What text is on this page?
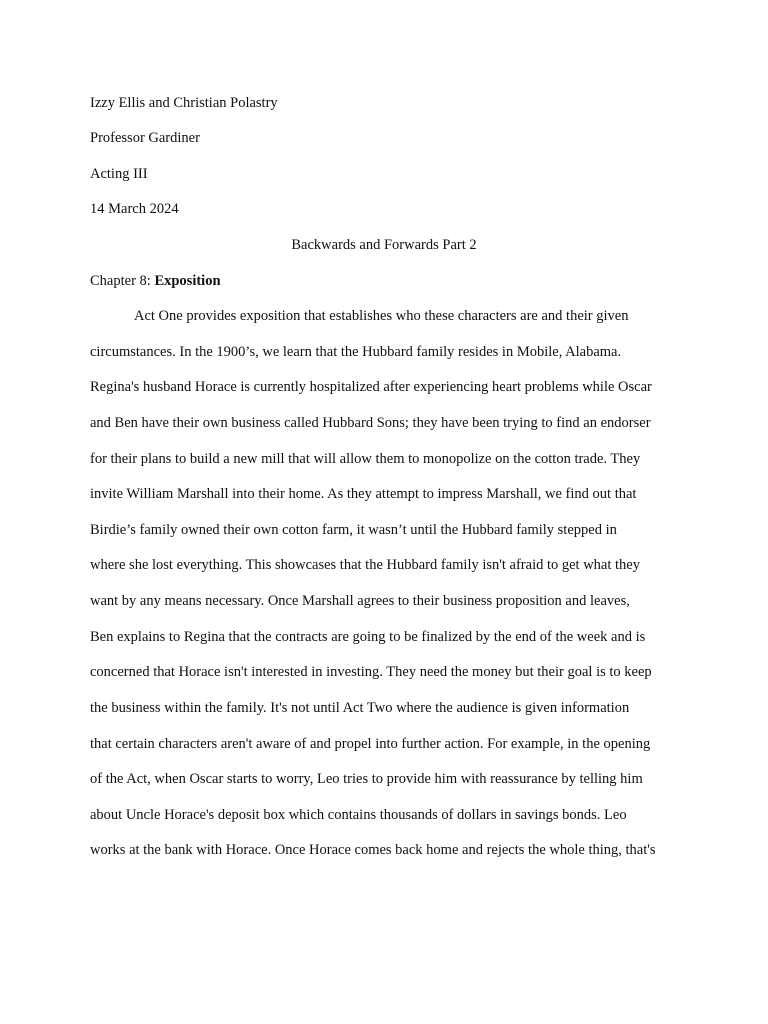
Izzy Ellis and Christian Polastry
Professor Gardiner
Acting III
14 March 2024
Backwards and Forwards Part 2
Chapter 8: Exposition
Act One provides exposition that establishes who these characters are and their given
circumstances. In the 1900’s, we learn that the Hubbard family resides in Mobile, Alabama.
Regina's husband Horace is currently hospitalized after experiencing heart problems while Oscar
and Ben have their own business called Hubbard Sons; they have been trying to find an endorser
for their plans to build a new mill that will allow them to monopolize on the cotton trade. They
invite William Marshall into their home. As they attempt to impress Marshall, we find out that
Birdie’s family owned their own cotton farm, it wasn’t until the Hubbard family stepped in
where she lost everything. This showcases that the Hubbard family isn't afraid to get what they
want by any means necessary. Once Marshall agrees to their business proposition and leaves,
Ben explains to Regina that the contracts are going to be finalized by the end of the week and is
concerned that Horace isn't interested in investing. They need the money but their goal is to keep
the business within the family. It's not until Act Two where the audience is given information
that certain characters aren't aware of and propel into further action. For example, in the opening
of the Act, when Oscar starts to worry, Leo tries to provide him with reassurance by telling him
about Uncle Horace's deposit box which contains thousands of dollars in savings bonds. Leo
works at the bank with Horace. Once Horace comes back home and rejects the whole thing, that's
